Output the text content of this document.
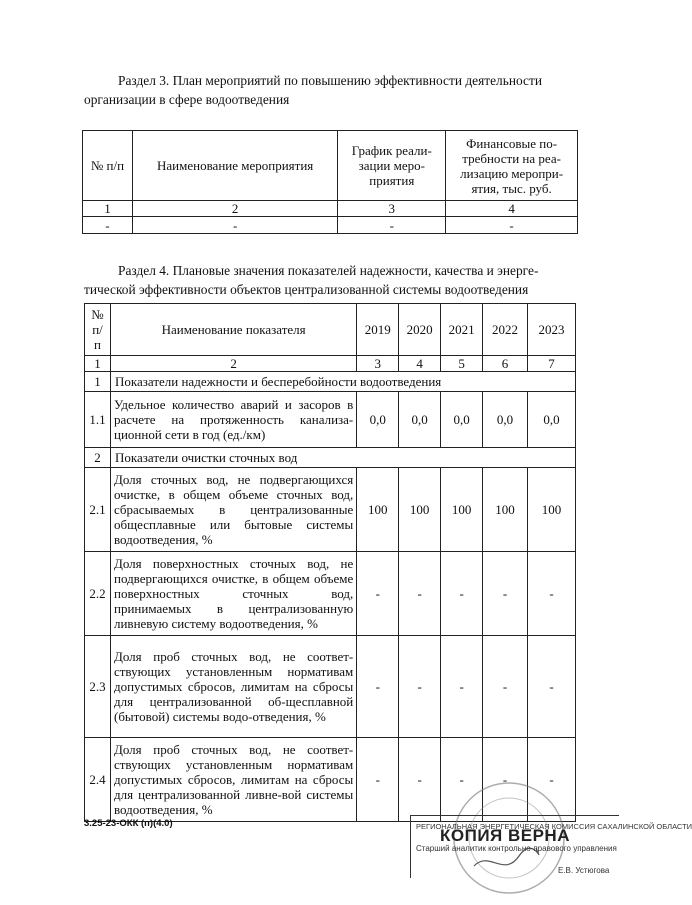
Раздел 3. План мероприятий по повышению эффективности деятельности
организации в сфере водоотведения
№ п/п	Наименование мероприятия	График реали-зации меро-приятия	Финансовые по-требности на реа-лизацию меропри-ятия, тыс. руб.
1	2	3	4
-	-	-	-
Раздел 4. Плановые значения показателей надежности, качества и энерге-
тической эффективности объектов централизованной системы водоотведения
№ п/ п	Наименование показателя	2019	2020	2021	2022	2023
1	2	3	4	5	6	7
1	Показатели надежности и бесперебойности водоотведения					
1.1	Удельное количество аварий и засоров в расчете на протяженность канализа-ционной сети в год (ед./км)	0,0	0,0	0,0	0,0	0,0
2	Показатели очистки сточных вод					
2.1	Доля сточных вод, не подвергающихся очистке, в общем объеме сточных вод, сбрасываемых в централизованные общесплавные или бытовые системы водоотведения, %	100	100	100	100	100
2.2	Доля поверхностных сточных вод, не подвергающихся очистке, в общем объеме поверхностных сточных вод, принимаемых в централизованную ливневую систему водоотведения, %	-	-	-	-	-
2.3	Доля проб сточных вод, не соответ-ствующих установленным нормативам допустимых сбросов, лимитам на сбросы для централизованной об-щесплавной (бытовой) системы водо-отведения, %	-	-	-	-	-
2.4	Доля проб сточных вод, не соответ-ствующих установленным нормативам допустимых сбросов, лимитам на сбросы для централизованной ливне-вой системы водоотведения, %	-	-	-	-	-
3.25-23-ОКК (п)(4.0)	РЕГИОНАЛЬНАЯ ЭНЕРГЕТИЧЕСКАЯ КОМИССИЯ САХАЛИНСКОЙ ОБЛАСТИ
КОПИЯ ВЕРНА
Старший аналитик контрольно-правового управления
Е.В. Устюгова
